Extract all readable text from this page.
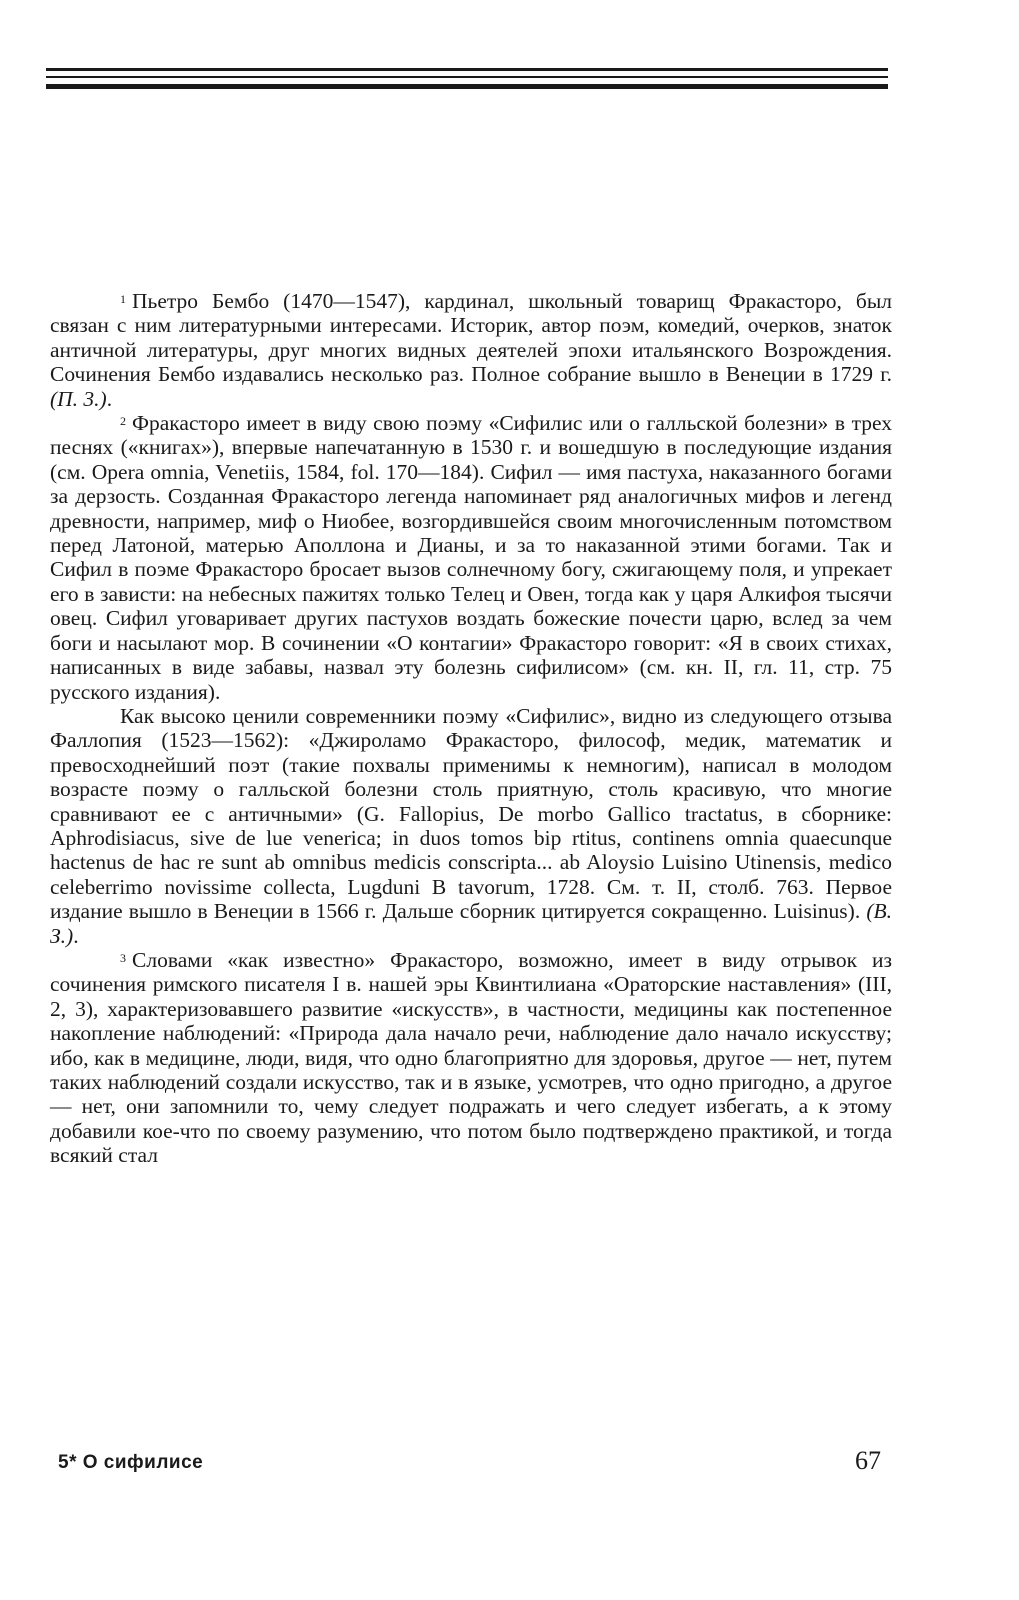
$^1$ Пьетро Бембо (1470—1547), кардинал, школьный товарищ Фракасторо, был связан с ним литературными интересами. Историк, автор поэм, комедий, очерков, знаток античной литературы, друг многих видных деятелей эпохи итальянского Возрождения. Сочинения Бембо издавались несколько раз. Полное собрание вышло в Венеции в 1729 г. (П. 3.).

$^2$ Фракасторо имеет в виду свою поэму «Сифилис или о галльской болезни» в трех песнях («книгах»), впервые напечатанную в 1530 г. и вошедшую в последующие издания (см. Opera omnia, Venetiis, 1584, fol. 170—184). Сифил — имя пастуха, наказанного богами за дерзость. Созданная Фракасторо легенда напоминает ряд аналогичных мифов и легенд древности, например, миф о Ниобее, возгордившейся своим многочисленным потомством перед Латоной, матерью Аполлона и Дианы, и за то наказанной этими богами. Так и Сифил в поэме Фракасторо бросает вызов солнечному богу, сжигающему поля, и упрекает его в зависти: на небесных пажитях только Телец и Овен, тогда как у царя Алкифоя тысячи овец. Сифил уговаривает других пастухов воздать божеские почести царю, вслед за чем боги и насылают мор. В сочинении «О контагии» Фракасторо говорит: «Я в своих стихах, написанных в виде забавы, назвал эту болезнь сифилисом» (см. кн. II, гл. 11, стр. 75 русского издания).

Как высоко ценили современники поэму «Сифилис», видно из следующего отзыва Фаллопия (1523—1562): «Джироламо Фракасторо, философ, медик, математик и превосходнейший поэт (такие похвалы применимы к немногим), написал в молодом возрасте поэму о галльской болезни столь приятную, столь красивую, что многие сравнивают ее с античными» (G. Fallopius, De morbo Gallico tractatus, в сборнике: Aphrodisiacus, sive de lue venerica; in duos tomos bip rtitus, continens omnia quaecunque hactenus de hac re sunt ab omnibus medicis conscripta... ab Aloysio Luisino Utinensis, medico celeberrimo novissime collecta, Lugduni B tavorum, 1728. См. т. II, столб. 763. Первое издание вышло в Венеции в 1566 г. Дальше сборник цитируется сокращенно. Luisinus). (В. З.).

$^3$ Словами «как известно» Фракасторо, возможно, имеет в виду отрывок из сочинения римского писателя I в. нашей эры Квинтилиана «Ораторские наставления» (III, 2, 3), характеризовавшего развитие «искусств», в частности, медицины как постепенное накопление наблюдений: «Природа дала начало речи, наблюдение дало начало искусству; ибо, как в медицине, люди, видя, что одно благоприятно для здоровья, другое — нет, путем таких наблюдений создали искусство, так и в языке, усмотрев, что одно пригодно, а другое — нет, они запомнили то, чему следует подражать и чего следует избегать, а к этому добавили кое-что по своему разумению, что потом было подтверждено практикой, и тогда всякий стал

5* О сифилисе	67
